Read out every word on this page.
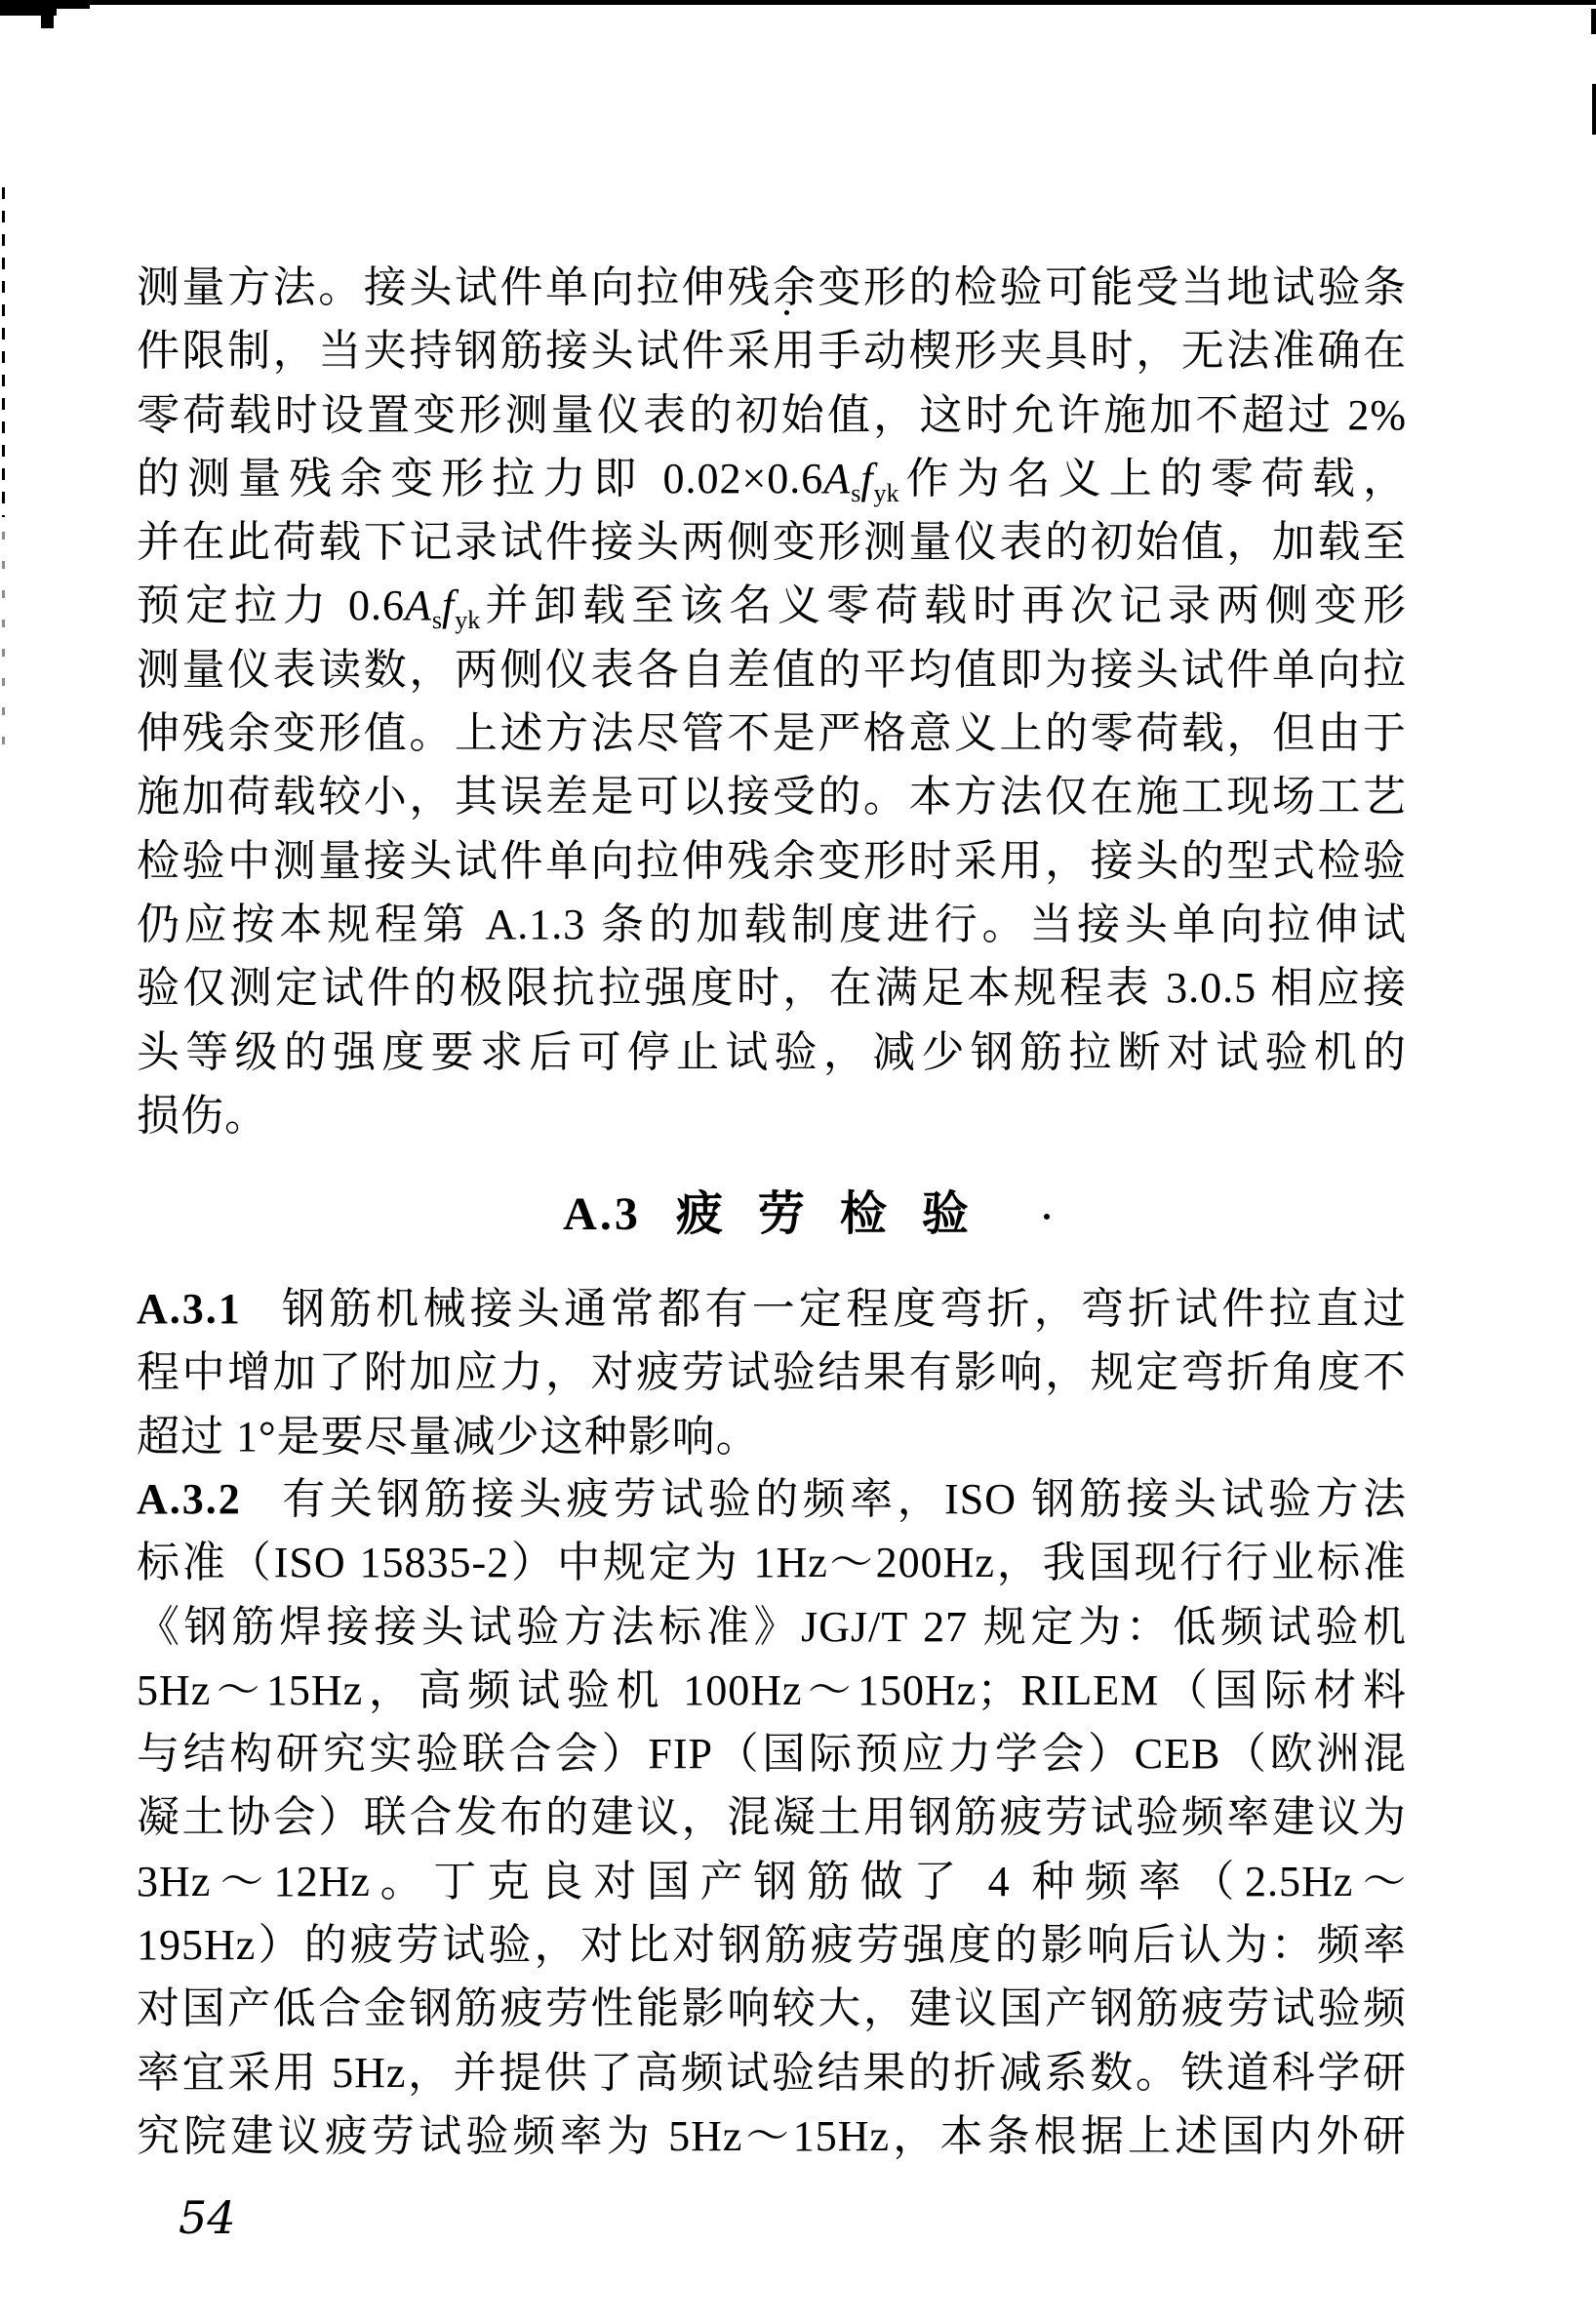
测量方法。接头试件单向拉伸残余变形的检验可能受当地试验条
件限制，当夹持钢筋接头试件采用手动楔形夹具时，无法准确在
零荷载时设置变形测量仪表的初始值，这时允许施加不超过 2%
的测量残余变形拉力即 $0.02\times 0.6A_sf_{yk}$作为名义上的零荷载，
并在此荷载下记录试件接头两侧变形测量仪表的初始值，加载至
预定拉力 $0.6A_sf_{yk}$并卸载至该名义零荷载时再次记录两侧变形
测量仪表读数，两侧仪表各自差值的平均值即为接头试件单向拉
伸残余变形值。上述方法尽管不是严格意义上的零荷载，但由于
施加荷载较小，其误差是可以接受的。本方法仅在施工现场工艺
检验中测量接头试件单向拉伸残余变形时采用，接头的型式检验
仍应按本规程第 A.1.3 条的加载制度进行。当接头单向拉伸试
验仅测定试件的极限抗拉强度时，在满足本规程表 3.0.5 相应接
头等级的强度要求后可停止试验，减少钢筋拉断对试验机的
损伤。
A.3 疲 劳 检 验
A.3.1 钢筋机械接头通常都有一定程度弯折，弯折试件拉直过
程中增加了附加应力，对疲劳试验结果有影响，规定弯折角度不
超过 1°是要尽量减少这种影响。
A.3.2 有关钢筋接头疲劳试验的频率，ISO 钢筋接头试验方法
标准（ISO 15835-2）中规定为 1Hz～200Hz，我国现行行业标准
《钢筋焊接接头试验方法标准》JGJ/T 27 规定为：低频试验机
5Hz～15Hz，高频试验机 100Hz～150Hz；RILEM（国际材料
与结构研究实验联合会）FIP（国际预应力学会）CEB（欧洲混
凝土协会）联合发布的建议，混凝土用钢筋疲劳试验频率建议为
3Hz～12Hz。丁克良对国产钢筋做了 4 种频率（2.5Hz～
195Hz）的疲劳试验，对比对钢筋疲劳强度的影响后认为：频率
对国产低合金钢筋疲劳性能影响较大，建议国产钢筋疲劳试验频
率宜采用 5Hz，并提供了高频试验结果的折减系数。铁道科学研
究院建议疲劳试验频率为 5Hz～15Hz，本条根据上述国内外研
54
